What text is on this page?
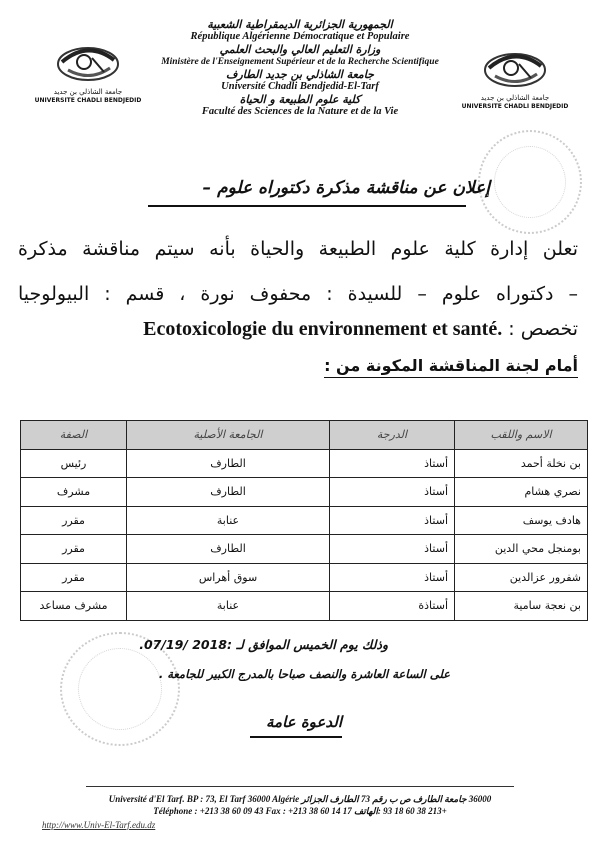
جامعة الشاذلي بن جديد
UNIVERSITE CHADLI BENDJEDID	جامعة الشاذلي بن جديد
UNIVERSITE CHADLI BENDJEDID
الجمهورية الجزائرية الديمقراطية الشعبية
République Algérienne Démocratique et Populaire
وزارة التعليم العالي والبحث العلمي
Ministère de l'Enseignement Supérieur et de la Recherche Scientifique
جامعة الشاذلي بن جديد الطارف
Université Chadli Bendjedid-El-Tarf
كلية علوم الطبيعة و الحياة
Faculté des Sciences de la Nature et de la Vie
إعلان عن مناقشة مذكرة دكتوراه علوم –
تعلن إدارة كلية علوم الطبيعة والحياة بأنه سيتم مناقشة مذكرة
– دكتوراه علوم – للسيدة : محفوف نورة ، قسم : البيولوجيا
تخصص : Ecotoxicologie du environnement et santé.
أمام لجنة المناقشة المكونة من :
الاسم واللقب	الدرجة	الجامعة الأصلية	الصفة
بن نخلة أحمد	أستاذ	الطارف	رئيس
نصري هشام	أستاذ	الطارف	مشرف
هادف يوسف	أستاذ	عنابة	مقرر
بومنجل محي الدين	أستاذ	الطارف	مقرر
شفرور عزالدين	أستاذ	سوق أهراس	مقرر
بن نعجة سامية	أستاذة	عنابة	مشرف مساعد
وذلك يوم الخميس الموافق لـ :2018 /07/19.
على الساعة العاشرة والنصف صباحا بالمدرج الكبير للجامعة .
الدعوة عامة
Université d'El Tarf. BP : 73, El Tarf 36000 Algérie 36000 جامعة الطارف ص ب رقم 73 الطارف الجزائر
Téléphone : +213 38 60 09 43 Fax : +213 38 60 14 17 +213 38 60 18 93 :الهاتف
http://www.Univ-El-Tarf.edu.dz
